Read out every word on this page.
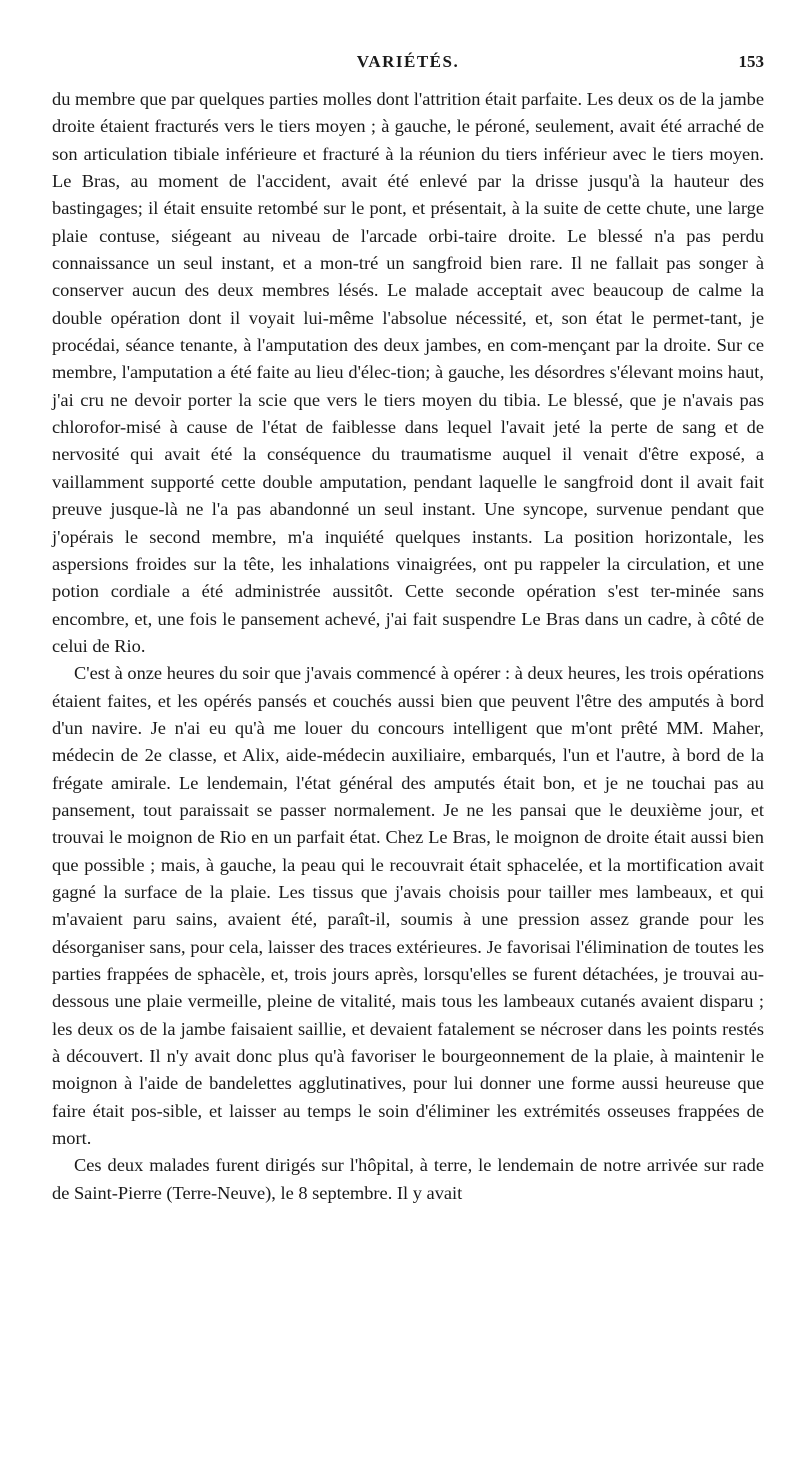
VARIÉTÉS.	153

du membre que par quelques parties molles dont l'attrition était parfaite. Les deux os de la jambe droite étaient fracturés vers le tiers moyen ; à gauche, le péroné, seulement, avait été arraché de son articulation tibiale inférieure et fracturé à la réunion du tiers inférieur avec le tiers moyen. Le Bras, au moment de l'accident, avait été enlevé par la drisse jusqu'à la hauteur des bastingages; il était ensuite retombé sur le pont, et présentait, à la suite de cette chute, une large plaie contuse, siégeant au niveau de l'arcade orbi-taire droite. Le blessé n'a pas perdu connaissance un seul instant, et a mon-tré un sangfroid bien rare. Il ne fallait pas songer à conserver aucun des deux membres lésés. Le malade acceptait avec beaucoup de calme la double opération dont il voyait lui-même l'absolue nécessité, et, son état le permet-tant, je procédai, séance tenante, à l'amputation des deux jambes, en com-mençant par la droite. Sur ce membre, l'amputation a été faite au lieu d'élec-tion; à gauche, les désordres s'élevant moins haut, j'ai cru ne devoir porter la scie que vers le tiers moyen du tibia. Le blessé, que je n'avais pas chlorofor-misé à cause de l'état de faiblesse dans lequel l'avait jeté la perte de sang et de nervosité qui avait été la conséquence du traumatisme auquel il venait d'être exposé, a vaillamment supporté cette double amputation, pendant laquelle le sangfroid dont il avait fait preuve jusque-là ne l'a pas abandonné un seul instant. Une syncope, survenue pendant que j'opérais le second membre, m'a inquiété quelques instants. La position horizontale, les aspersions froides sur la tête, les inhalations vinaigrées, ont pu rappeler la circulation, et une potion cordiale a été administrée aussitôt. Cette seconde opération s'est ter-minée sans encombre, et, une fois le pansement achevé, j'ai fait suspendre Le Bras dans un cadre, à côté de celui de Rio.

C'est à onze heures du soir que j'avais commencé à opérer : à deux heures, les trois opérations étaient faites, et les opérés pansés et couchés aussi bien que peuvent l'être des amputés à bord d'un navire. Je n'ai eu qu'à me louer du concours intelligent que m'ont prêté MM. Maher, médecin de 2e classe, et Alix, aide-médecin auxiliaire, embarqués, l'un et l'autre, à bord de la frégate amirale. Le lendemain, l'état général des amputés était bon, et je ne touchai pas au pansement, tout paraissait se passer normalement. Je ne les pansai que le deuxième jour, et trouvai le moignon de Rio en un parfait état. Chez Le Bras, le moignon de droite était aussi bien que possible ; mais, à gauche, la peau qui le recouvrait était sphacelée, et la mortification avait gagné la surface de la plaie. Les tissus que j'avais choisis pour tailler mes lambeaux, et qui m'avaient paru sains, avaient été, paraît-il, soumis à une pression assez grande pour les désorganiser sans, pour cela, laisser des traces extérieures. Je favorisai l'élimination de toutes les parties frappées de sphacèle, et, trois jours après, lorsqu'elles se furent détachées, je trouvai au-dessous une plaie vermeille, pleine de vitalité, mais tous les lambeaux cutanés avaient disparu ; les deux os de la jambe faisaient saillie, et devaient fatalement se nécroser dans les points restés à découvert. Il n'y avait donc plus qu'à favoriser le bourgeonnement de la plaie, à maintenir le moignon à l'aide de bandelettes agglutinatives, pour lui donner une forme aussi heureuse que faire était pos-sible, et laisser au temps le soin d'éliminer les extrémités osseuses frappées de mort.

Ces deux malades furent dirigés sur l'hôpital, à terre, le lendemain de notre arrivée sur rade de Saint-Pierre (Terre-Neuve), le 8 septembre. Il y avait
